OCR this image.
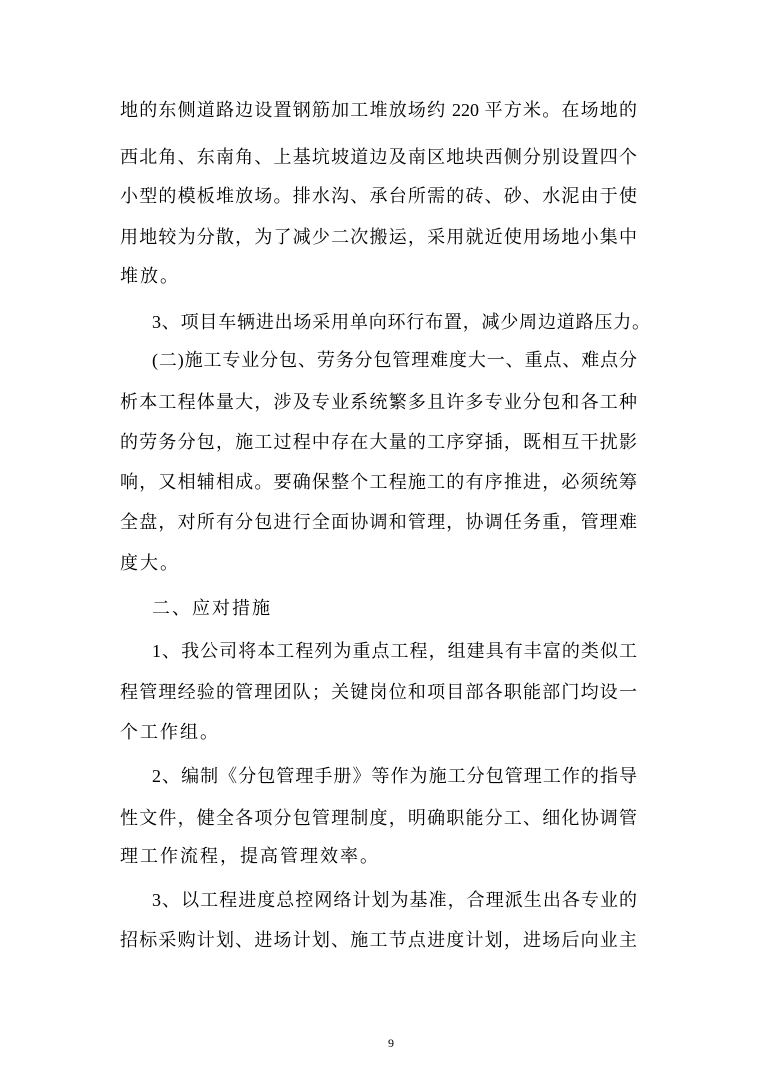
地的东侧道路边设置钢筋加工堆放场约 220 平方米。在场地的
西北角、东南角、上基坑坡道边及南区地块西侧分别设置四个
小型的模板堆放场。排水沟、承台所需的砖、砂、水泥由于使
用地较为分散，为了减少二次搬运，采用就近使用场地小集中
堆放。
3、项目车辆进出场采用单向环行布置，减少周边道路压力。
(二)施工专业分包、劳务分包管理难度大一、重点、难点分
析本工程体量大，涉及专业系统繁多且许多专业分包和各工种
的劳务分包，施工过程中存在大量的工序穿插，既相互干扰影
响，又相辅相成。要确保整个工程施工的有序推进，必须统筹
全盘，对所有分包进行全面协调和管理，协调任务重，管理难
度大。
二、应对措施
1、我公司将本工程列为重点工程，组建具有丰富的类似工
程管理经验的管理团队；关键岗位和项目部各职能部门均设一
个工作组。
2、编制《分包管理手册》等作为施工分包管理工作的指导
性文件，健全各项分包管理制度，明确职能分工、细化协调管
理工作流程，提高管理效率。
3、以工程进度总控网络计划为基准，合理派生出各专业的
招标采购计划、进场计划、施工节点进度计划，进场后向业主
9
